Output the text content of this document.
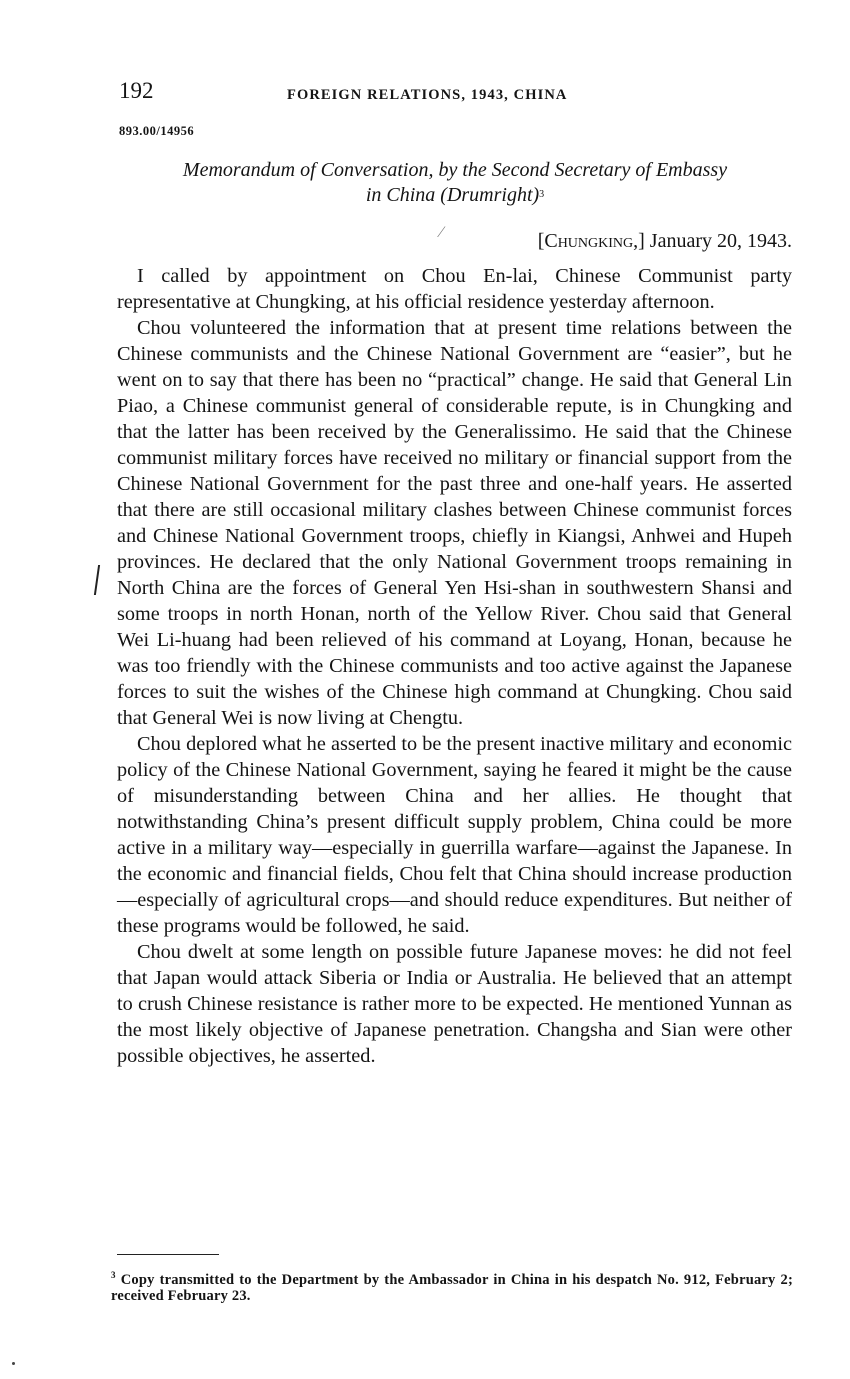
192	FOREIGN RELATIONS, 1943, CHINA
893.00/14956
Memorandum of Conversation, by the Second Secretary of Embassy
in China (Drumright)$^3$
⁄	[Chungking,] January 20, 1943.

I called by appointment on Chou En-lai, Chinese Communist party representative at Chungking, at his official residence yesterday afternoon.

Chou volunteered the information that at present time relations between the Chinese communists and the Chinese National Government are “easier”, but he went on to say that there has been no “practical” change. He said that General Lin Piao, a Chinese communist general of considerable repute, is in Chungking and that the latter has been received by the Generalissimo. He said that the Chinese communist military forces have received no military or financial support from the Chinese National Government for the past three and one-half years. He asserted that there are still occasional military clashes between Chinese communist forces and Chinese National Government troops, chiefly in Kiangsi, Anhwei and Hupeh provinces. He declared that the only National Government troops remaining in North China are the forces of General Yen Hsi-shan in southwestern Shansi and some troops in north Honan, north of the Yellow River. Chou said that General Wei Li-huang had been relieved of his command at Loyang, Honan, because he was too friendly with the Chinese communists and too active against the Japanese forces to suit the wishes of the Chinese high command at Chungking. Chou said that General Wei is now living at Chengtu.

Chou deplored what he asserted to be the present inactive military and economic policy of the Chinese National Government, saying he feared it might be the cause of misunderstanding between China and her allies. He thought that notwithstanding China’s present difficult supply problem, China could be more active in a military way—especially in guerrilla warfare—against the Japanese. In the economic and financial fields, Chou felt that China should increase production—especially of agricultural crops—and should reduce expenditures. But neither of these programs would be followed, he said.

Chou dwelt at some length on possible future Japanese moves: he did not feel that Japan would attack Siberia or India or Australia. He believed that an attempt to crush Chinese resistance is rather more to be expected. He mentioned Yunnan as the most likely objective of Japanese penetration. Changsha and Sian were other possible objectives, he asserted.

$^3$ Copy transmitted to the Department by the Ambassador in China in his despatch No. 912, February 2; received February 23.
